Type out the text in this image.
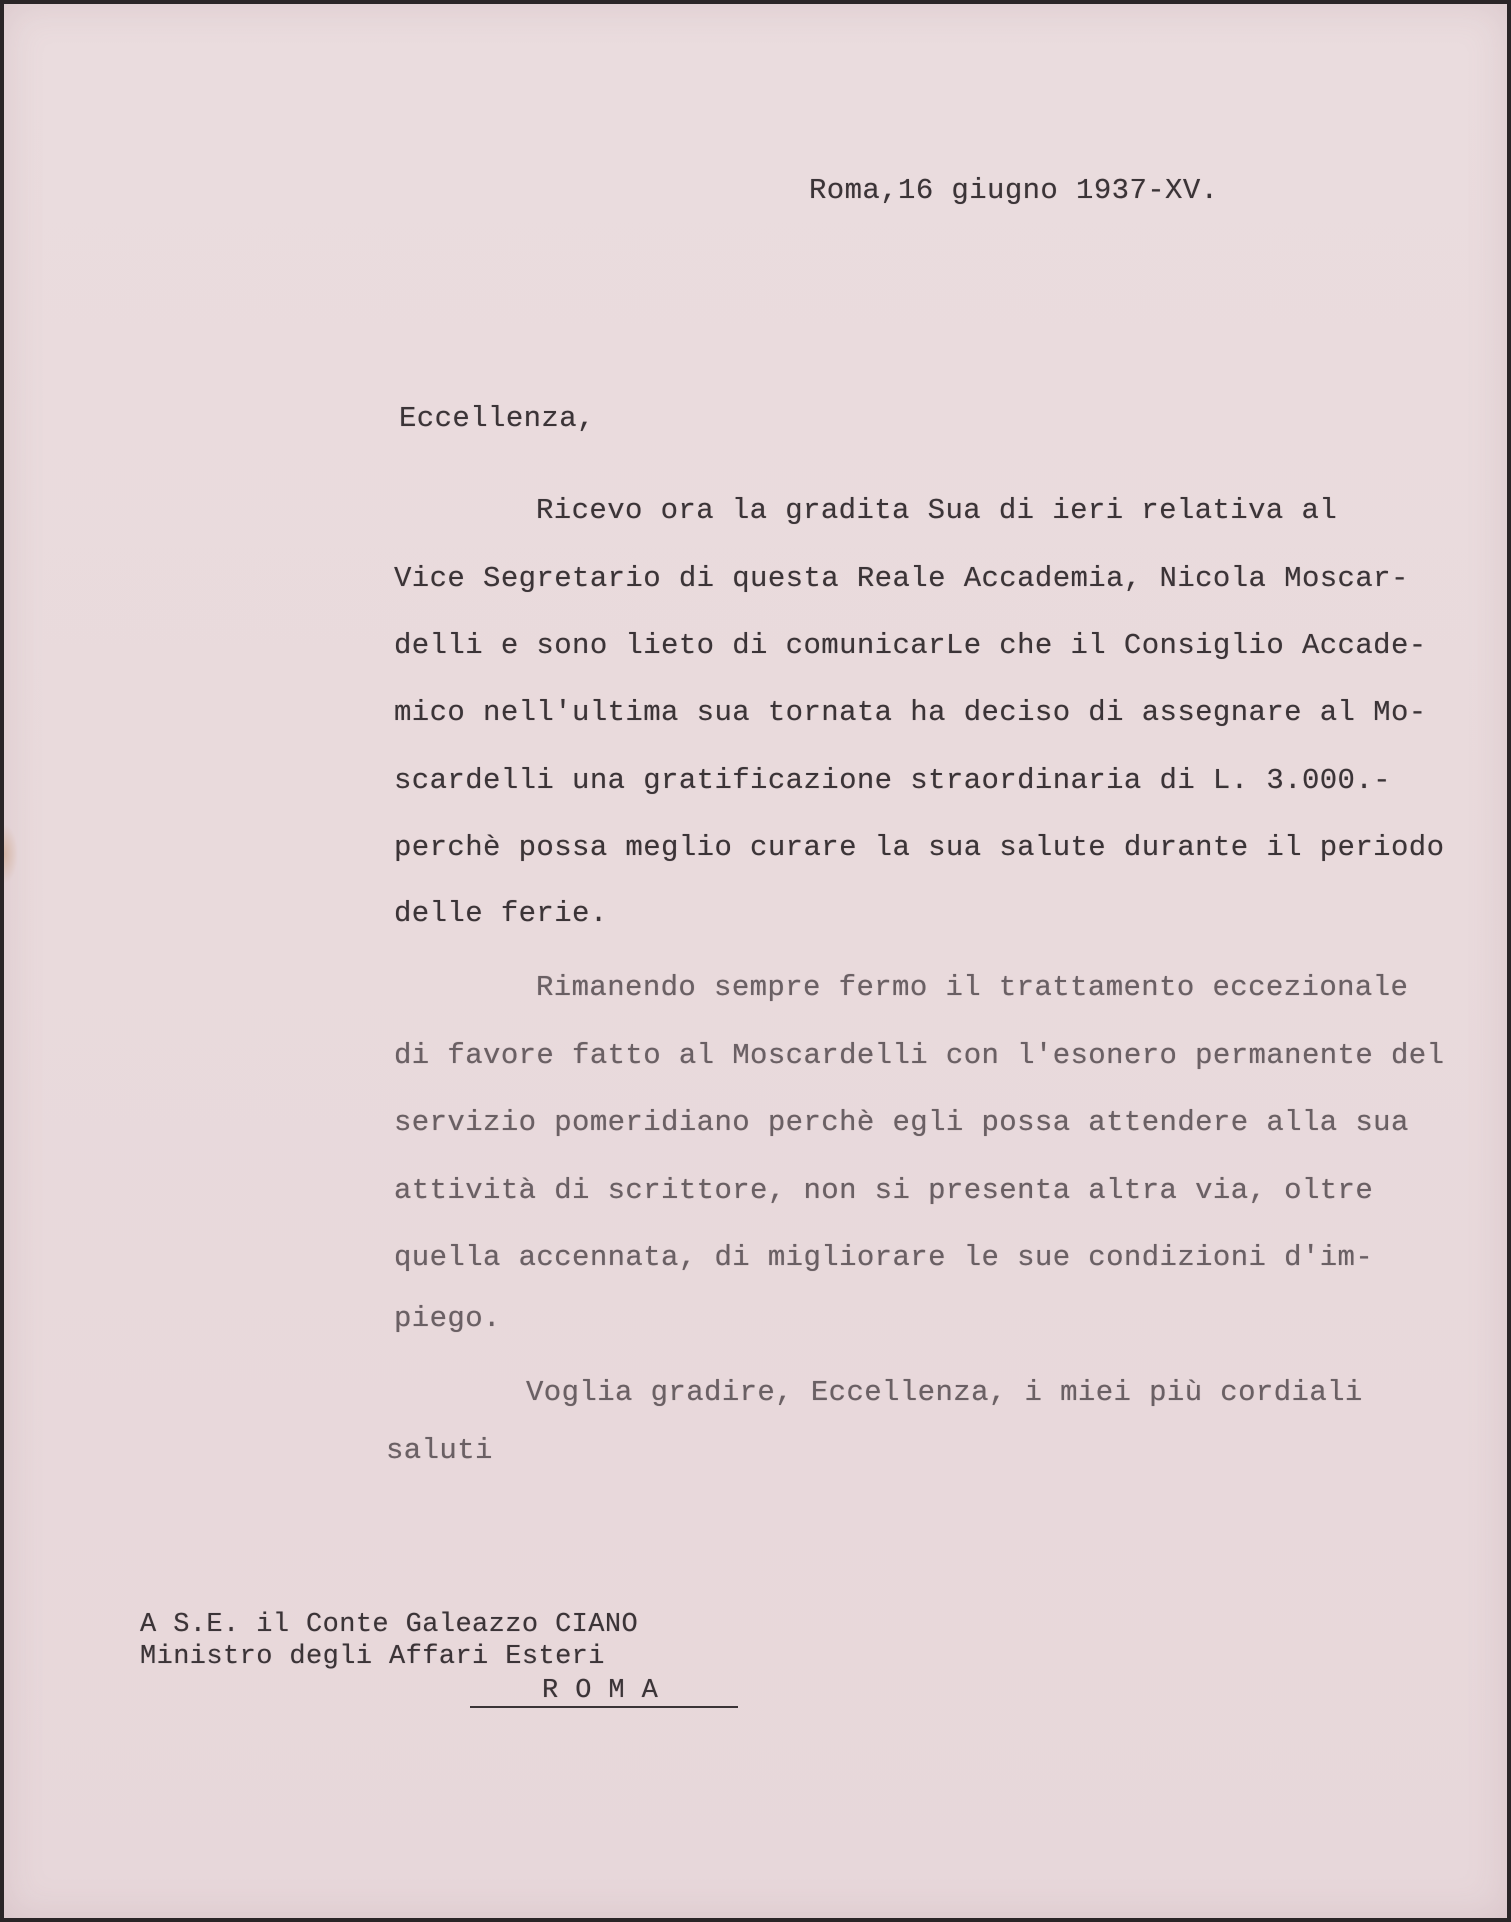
Roma,16 giugno 1937-XV.
Eccellenza,
Ricevo ora la gradita Sua di ieri relativa al
Vice Segretario di questa Reale Accademia, Nicola Moscar-
delli e sono lieto di comunicarLe che il Consiglio Accade-
mico nell'ultima sua tornata ha deciso di assegnare al Mo-
scardelli una gratificazione straordinaria di L. 3.000.-
perchè possa meglio curare la sua salute durante il periodo
delle ferie.
Rimanendo sempre fermo il trattamento eccezionale
di favore fatto al Moscardelli con l'esonero permanente del
servizio pomeridiano perchè egli possa attendere alla sua
attività di scrittore, non si presenta altra via, oltre
quella accennata, di migliorare le sue condizioni d'im-
piego.
Voglia gradire, Eccellenza, i miei più cordiali
saluti
A S.E. il Conte Galeazzo CIANO
Ministro degli Affari Esteri
R O M A
